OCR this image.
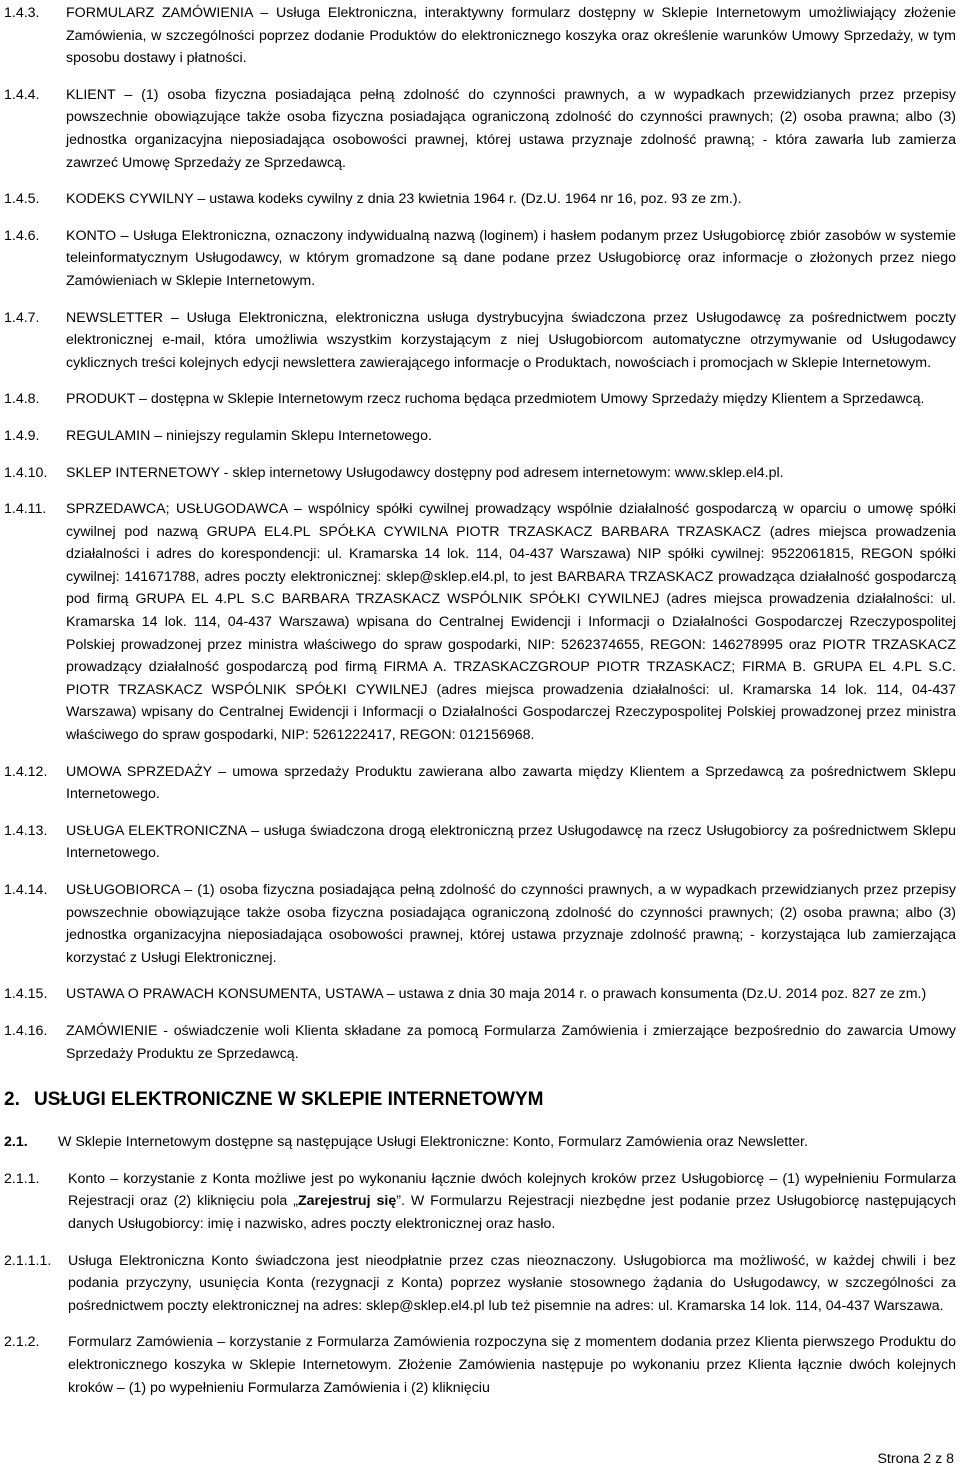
1.4.3.	FORMULARZ ZAMÓWIENIA – Usługa Elektroniczna, interaktywny formularz dostępny w Sklepie Internetowym umożliwiający złożenie Zamówienia, w szczególności poprzez dodanie Produktów do elektronicznego koszyka oraz określenie warunków Umowy Sprzedaży, w tym sposobu dostawy i płatności.
1.4.4.	KLIENT – (1) osoba fizyczna posiadająca pełną zdolność do czynności prawnych, a w wypadkach przewidzianych przez przepisy powszechnie obowiązujące także osoba fizyczna posiadająca ograniczoną zdolność do czynności prawnych; (2) osoba prawna; albo (3) jednostka organizacyjna nieposiadająca osobowości prawnej, której ustawa przyznaje zdolność prawną; - która zawarła lub zamierza zawrzeć Umowę Sprzedaży ze Sprzedawcą.
1.4.5.	KODEKS CYWILNY – ustawa kodeks cywilny z dnia 23 kwietnia 1964 r. (Dz.U. 1964 nr 16, poz. 93 ze zm.).
1.4.6.	KONTO – Usługa Elektroniczna, oznaczony indywidualną nazwą (loginem) i hasłem podanym przez Usługobiorcę zbiór zasobów w systemie teleinformatycznym Usługodawcy, w którym gromadzone są dane podane przez Usługobiorcę oraz informacje o złożonych przez niego Zamówieniach w Sklepie Internetowym.
1.4.7.	NEWSLETTER – Usługa Elektroniczna, elektroniczna usługa dystrybucyjna świadczona przez Usługodawcę za pośrednictwem poczty elektronicznej e-mail, która umożliwia wszystkim korzystającym z niej Usługobiorcom automatyczne otrzymywanie od Usługodawcy cyklicznych treści kolejnych edycji newslettera zawierającego informacje o Produktach, nowościach i promocjach w Sklepie Internetowym.
1.4.8.	PRODUKT – dostępna w Sklepie Internetowym rzecz ruchoma będąca przedmiotem Umowy Sprzedaży między Klientem a Sprzedawcą.
1.4.9.	REGULAMIN – niniejszy regulamin Sklepu Internetowego.
1.4.10.	SKLEP INTERNETOWY - sklep internetowy Usługodawcy dostępny pod adresem internetowym: www.sklep.el4.pl.
1.4.11.	SPRZEDAWCA; USŁUGODAWCA – wspólnicy spółki cywilnej prowadzący wspólnie działalność gospodarczą w oparciu o umowę spółki cywilnej pod nazwą GRUPA EL4.PL SPÓŁKA CYWILNA PIOTR TRZASKACZ BARBARA TRZASKACZ (adres miejsca prowadzenia działalności i adres do korespondencji: ul. Kramarska 14 lok. 114, 04-437 Warszawa) NIP spółki cywilnej: 9522061815, REGON spółki cywilnej: 141671788, adres poczty elektronicznej: sklep@sklep.el4.pl, to jest BARBARA TRZASKACZ prowadząca działalność gospodarczą pod firmą GRUPA EL 4.PL S.C BARBARA TRZASKACZ WSPÓLNIK SPÓŁKI CYWILNEJ (adres miejsca prowadzenia działalności: ul. Kramarska 14 lok. 114, 04-437 Warszawa) wpisana do Centralnej Ewidencji i Informacji o Działalności Gospodarczej Rzeczypospolitej Polskiej prowadzonej przez ministra właściwego do spraw gospodarki, NIP: 5262374655, REGON: 146278995 oraz PIOTR TRZASKACZ prowadzący działalność gospodarczą pod firmą FIRMA A. TRZASKACZGROUP PIOTR TRZASKACZ; FIRMA B. GRUPA EL 4.PL S.C. PIOTR TRZASKACZ WSPÓLNIK SPÓŁKI CYWILNEJ (adres miejsca prowadzenia działalności: ul. Kramarska 14 lok. 114, 04-437 Warszawa) wpisany do Centralnej Ewidencji i Informacji o Działalności Gospodarczej Rzeczypospolitej Polskiej prowadzonej przez ministra właściwego do spraw gospodarki, NIP: 5261222417, REGON: 012156968.
1.4.12.	UMOWA SPRZEDAŻY – umowa sprzedaży Produktu zawierana albo zawarta między Klientem a Sprzedawcą za pośrednictwem Sklepu Internetowego.
1.4.13.	USŁUGA ELEKTRONICZNA – usługa świadczona drogą elektroniczną przez Usługodawcę na rzecz Usługobiorcy za pośrednictwem Sklepu Internetowego.
1.4.14.	USŁUGOBIORCA – (1) osoba fizyczna posiadająca pełną zdolność do czynności prawnych, a w wypadkach przewidzianych przez przepisy powszechnie obowiązujące także osoba fizyczna posiadająca ograniczoną zdolność do czynności prawnych; (2) osoba prawna; albo (3) jednostka organizacyjna nieposiadająca osobowości prawnej, której ustawa przyznaje zdolność prawną; - korzystająca lub zamierzająca korzystać z Usługi Elektronicznej.
1.4.15.	USTAWA O PRAWACH KONSUMENTA, USTAWA – ustawa z dnia 30 maja 2014 r. o prawach konsumenta (Dz.U. 2014 poz. 827 ze zm.)
1.4.16.	ZAMÓWIENIE - oświadczenie woli Klienta składane za pomocą Formularza Zamówienia i zmierzające bezpośrednio do zawarcia Umowy Sprzedaży Produktu ze Sprzedawcą.
2. USŁUGI ELEKTRONICZNE W SKLEPIE INTERNETOWYM
2.1.	W Sklepie Internetowym dostępne są następujące Usługi Elektroniczne: Konto, Formularz Zamówienia oraz Newsletter.
2.1.1.	Konto – korzystanie z Konta możliwe jest po wykonaniu łącznie dwóch kolejnych kroków przez Usługobiorcę – (1) wypełnieniu Formularza Rejestracji oraz (2) kliknięciu pola „Zarejestruj się”. W Formularzu Rejestracji niezbędne jest podanie przez Usługobiorcę następujących danych Usługobiorcy: imię i nazwisko, adres poczty elektronicznej oraz hasło.
2.1.1.1.	Usługa Elektroniczna Konto świadczona jest nieodpłatnie przez czas nieoznaczony. Usługobiorca ma możliwość, w każdej chwili i bez podania przyczyny, usunięcia Konta (rezygnacji z Konta) poprzez wysłanie stosownego żądania do Usługodawcy, w szczególności za pośrednictwem poczty elektronicznej na adres: sklep@sklep.el4.pl lub też pisemnie na adres: ul. Kramarska 14 lok. 114, 04-437 Warszawa.
2.1.2.	Formularz Zamówienia – korzystanie z Formularza Zamówienia rozpoczyna się z momentem dodania przez Klienta pierwszego Produktu do elektronicznego koszyka w Sklepie Internetowym. Złożenie Zamówienia następuje po wykonaniu przez Klienta łącznie dwóch kolejnych kroków – (1) po wypełnieniu Formularza Zamówienia i (2) kliknięciu
Strona 2 z 8
